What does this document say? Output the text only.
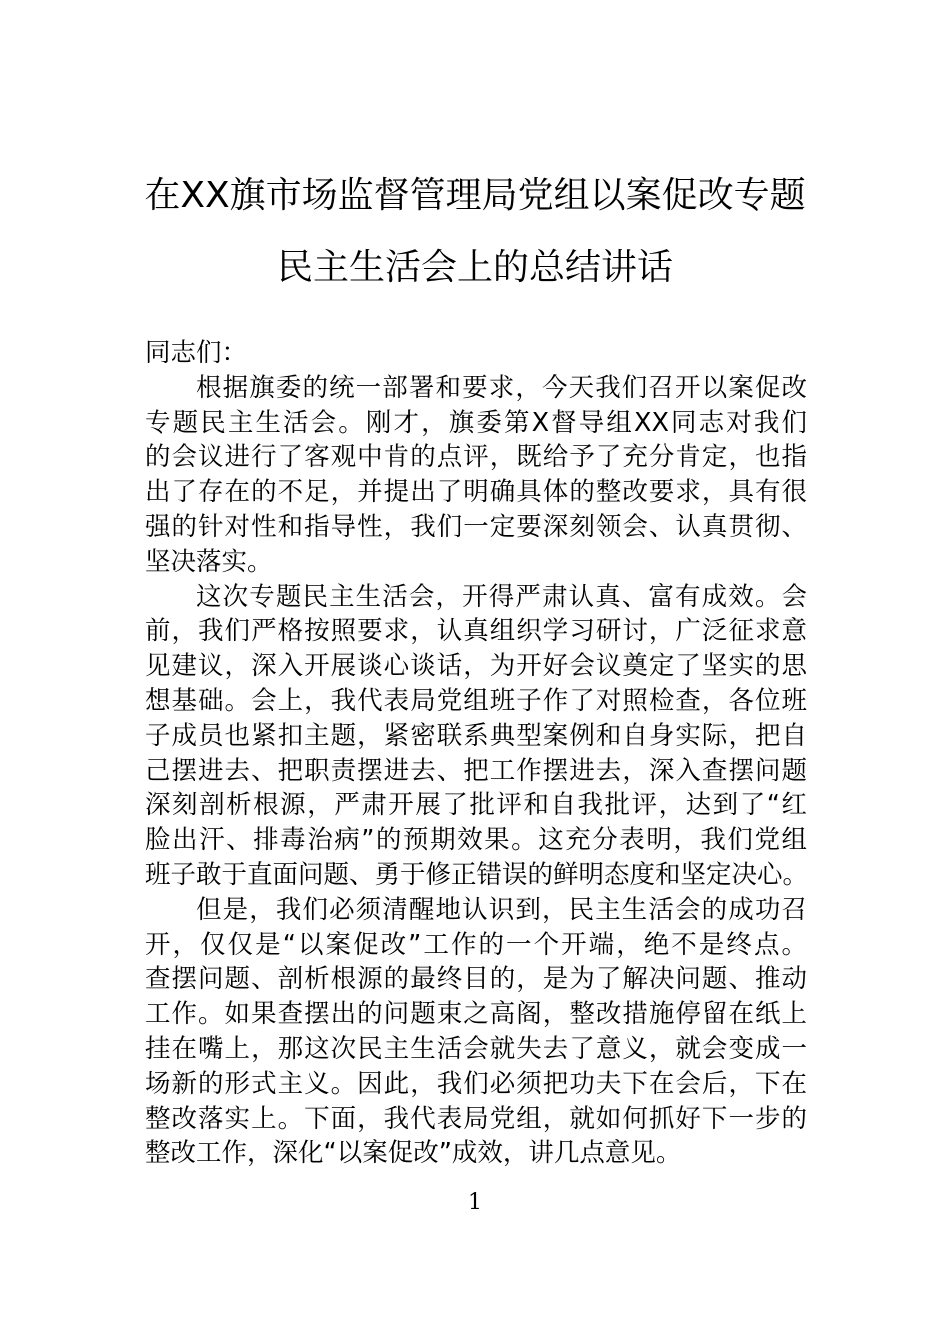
在XX旗市场监督管理局党组以案促改专题
民主生活会上的总结讲话
同志们：
根据旗委的统一部署和要求，今天我们召开以案促改
专题民主生活会。刚才，旗委第X督导组XX同志对我们
的会议进行了客观中肯的点评，既给予了充分肯定，也指
出了存在的不足，并提出了明确具体的整改要求，具有很
强的针对性和指导性，我们一定要深刻领会、认真贯彻、
坚决落实。
这次专题民主生活会，开得严肃认真、富有成效。会
前，我们严格按照要求，认真组织学习研讨，广泛征求意
见建议，深入开展谈心谈话，为开好会议奠定了坚实的思
想基础。会上，我代表局党组班子作了对照检查，各位班
子成员也紧扣主题，紧密联系典型案例和自身实际，把自
己摆进去、把职责摆进去、把工作摆进去，深入查摆问题
深刻剖析根源，严肃开展了批评和自我批评，达到了“红
脸出汗、排毒治病”的预期效果。这充分表明，我们党组
班子敢于直面问题、勇于修正错误的鲜明态度和坚定决心。
但是，我们必须清醒地认识到，民主生活会的成功召
开，仅仅是“以案促改”工作的一个开端，绝不是终点。
查摆问题、剖析根源的最终目的，是为了解决问题、推动
工作。如果查摆出的问题束之高阁，整改措施停留在纸上
挂在嘴上，那这次民主生活会就失去了意义，就会变成一
场新的形式主义。因此，我们必须把功夫下在会后，下在
整改落实上。下面，我代表局党组，就如何抓好下一步的
整改工作，深化“以案促改”成效，讲几点意见。
1
